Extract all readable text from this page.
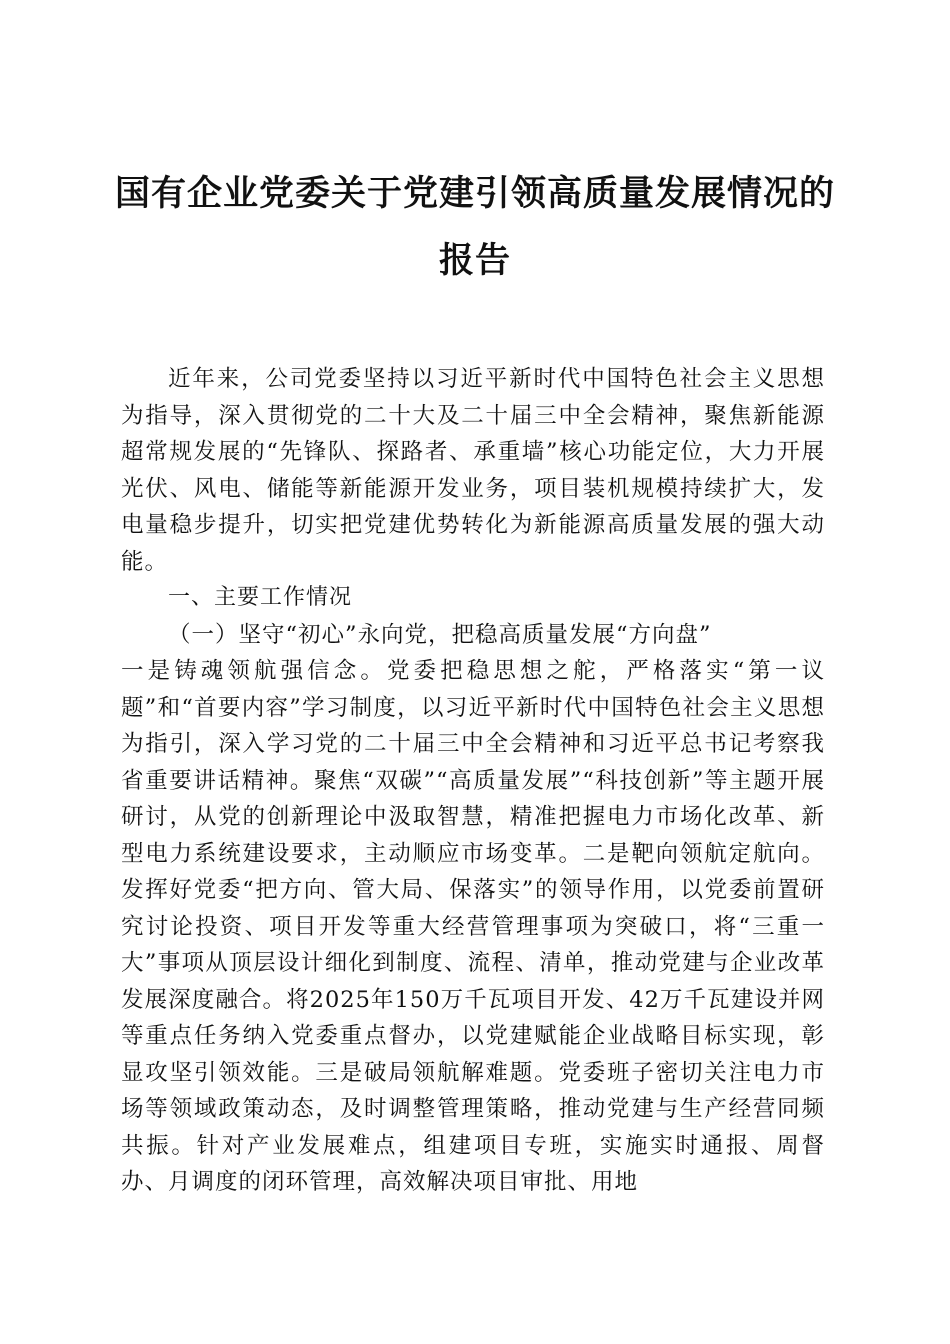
国有企业党委关于党建引领高质量发展情况的
报告

近年来，公司党委坚持以习近平新时代中国特色社会主义思想为指导，深入贯彻党的二十大及二十届三中全会精神，聚焦新能源超常规发展的“先锋队、探路者、承重墙”核心功能定位，大力开展光伏、风电、储能等新能源开发业务，项目装机规模持续扩大，发电量稳步提升，切实把党建优势转化为新能源高质量发展的强大动能。

一、主要工作情况

（一）坚守“初心”永向党，把稳高质量发展“方向盘”

一是铸魂领航强信念。党委把稳思想之舵，严格落实“第一议题”和“首要内容”学习制度，以习近平新时代中国特色社会主义思想为指引，深入学习党的二十届三中全会精神和习近平总书记考察我省重要讲话精神。聚焦“双碳”“高质量发展”“科技创新”等主题开展研讨，从党的创新理论中汲取智慧，精准把握电力市场化改革、新型电力系统建设要求，主动顺应市场变革。二是靶向领航定航向。发挥好党委“把方向、管大局、保落实”的领导作用，以党委前置研究讨论投资、项目开发等重大经营管理事项为突破口，将“三重一大”事项从顶层设计细化到制度、流程、清单，推动党建与企业改革发展深度融合。将2025年150万千瓦项目开发、42万千瓦建设并网等重点任务纳入党委重点督办，以党建赋能企业战略目标实现，彰显攻坚引领效能。三是破局领航解难题。党委班子密切关注电力市场等领域政策动态，及时调整管理策略，推动党建与生产经营同频共振。针对产业发展难点，组建项目专班，实施实时通报、周督办、月调度的闭环管理，高效解决项目审批、用地
